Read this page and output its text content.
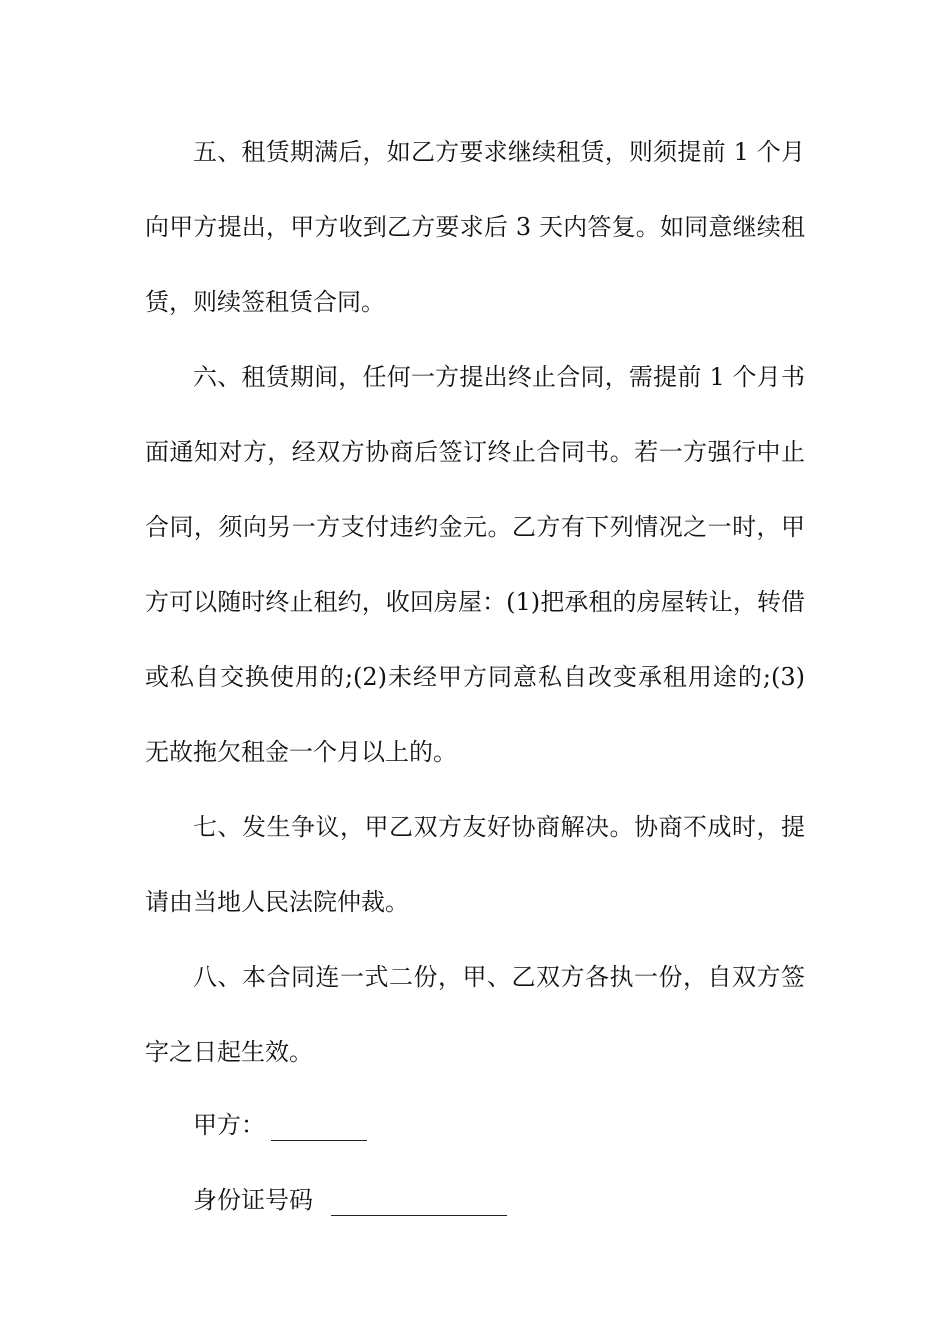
五、租赁期满后，如乙方要求继续租赁，则须提前 1 个月
向甲方提出，甲方收到乙方要求后 3 天内答复。如同意继续租
赁，则续签租赁合同。
六、租赁期间，任何一方提出终止合同，需提前 1 个月书
面通知对方，经双方协商后签订终止合同书。若一方强行中止
合同，须向另一方支付违约金元。乙方有下列情况之一时，甲
方可以随时终止租约，收回房屋：(1)把承租的房屋转让，转借
或私自交换使用的;(2)未经甲方同意私自改变承租用途的;(3)
无故拖欠租金一个月以上的。
七、发生争议，甲乙双方友好协商解决。协商不成时，提
请由当地人民法院仲裁。
八、本合同连一式二份，甲、乙双方各执一份，自双方签
字之日起生效。
甲方：
身份证号码
